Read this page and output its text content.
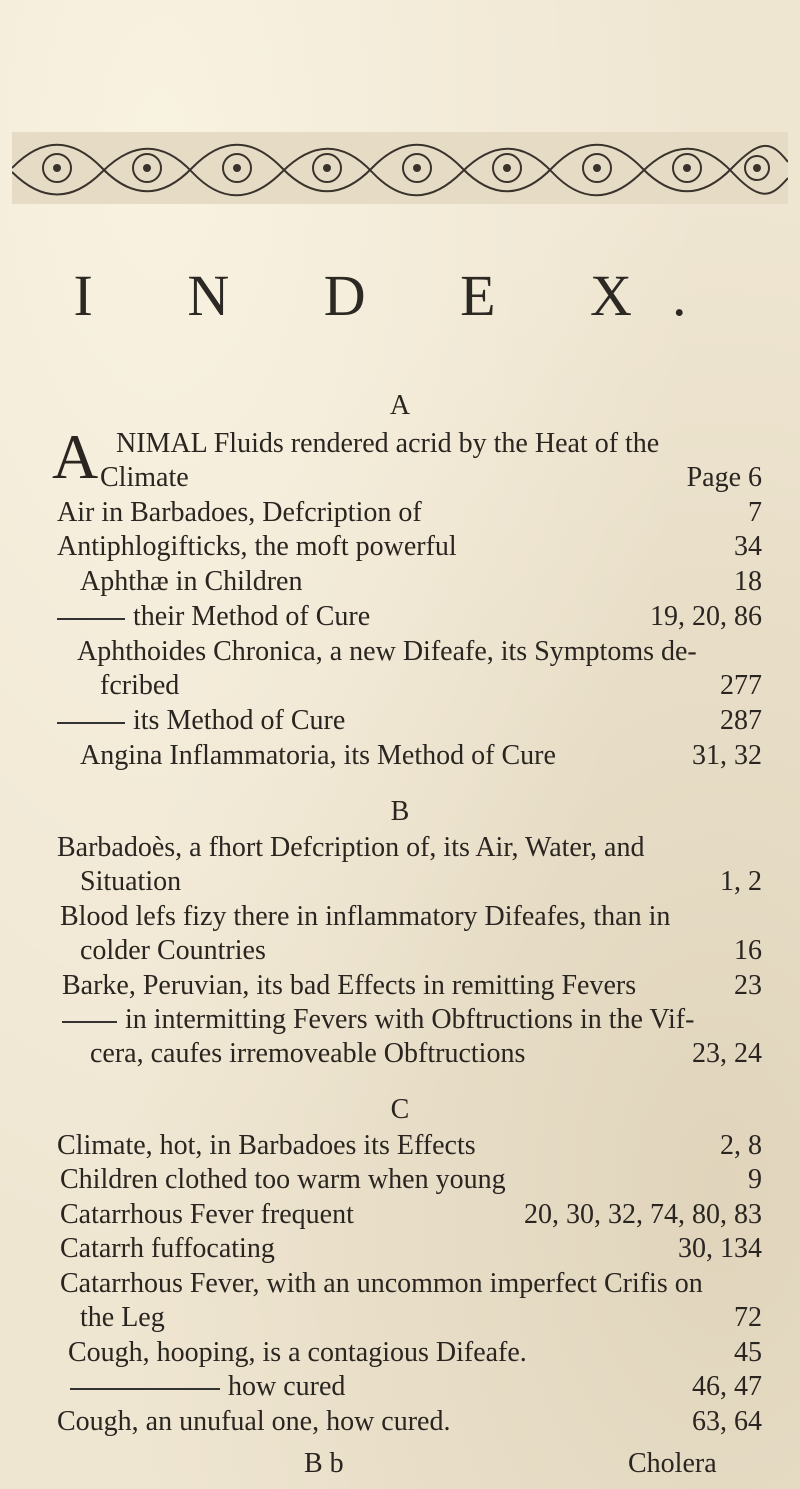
I N D E X.
A
A NIMAL Fluids rendered acrid by the Heat of the
Climate	Page 6
Air in Barbadoes, Defcription of	7
Antiphlogifticks, the moft powerful	34
Aphthæ in Children	18
their Method of Cure	19, 20, 86
Aphthoides Chronica, a new Difeafe, its Symptoms de-
fcribed	277
its Method of Cure	287
Angina Inflammatoria, its Method of Cure	31, 32
B
Barbadoès, a fhort Defcription of, its Air, Water, and
Situation	1, 2
Blood lefs fizy there in inflammatory Difeafes, than in
colder Countries	16
Barke, Peruvian, its bad Effects in remitting Fevers	23
in intermitting Fevers with Obftructions in the Vif-
cera, caufes irremoveable Obftructions	23, 24
C
Climate, hot, in Barbadoes its Effects	2, 8
Children clothed too warm when young	9
Catarrhous Fever frequent	20, 30, 32, 74, 80, 83
Catarrh fuffocating	30, 134
Catarrhous Fever, with an uncommon imperfect Crifis on
the Leg	72
Cough, hooping, is a contagious Difeafe.	45
how cured	46, 47
Cough, an unufual one, how cured.	63, 64
B b	Cholera
